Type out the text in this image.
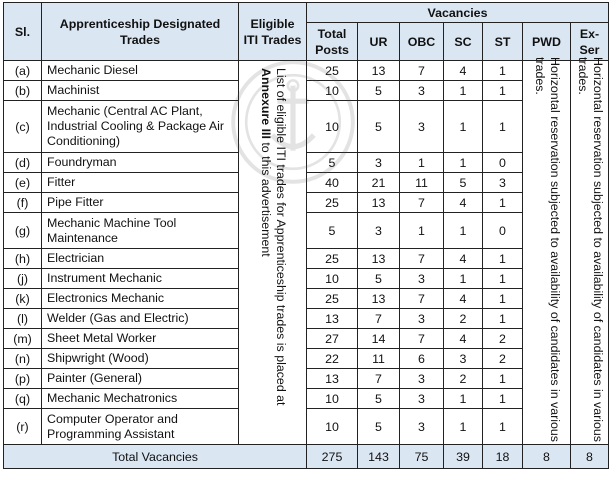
Sl.	Apprenticeship Designated Trades	Eligible ITI Trades	Vacancies						
			Total Posts	UR	OBC	SC	ST	PWD	Ex-Ser
(a)	Mechanic Diesel	List of eligible ITI trades for Apprenticeship trades is placed at Annexure III to this advertisement	25	13	7	4	1	Horizontal reservation subjected to availability of candidates in various trades.	Horizontal reservation subjected to availability of candidates in various trades.

(b)	Machinist		10	5	3	1	1		
(c)	Mechanic (Central AC Plant, Industrial Cooling & Package Air Conditioning)		10	5	3	1	1		
(d)	Foundryman		5	3	1	1	0		
(e)	Fitter		40	21	11	5	3		
(f)	Pipe Fitter		25	13	7	4	1		
(g)	Mechanic Machine Tool Maintenance		5	3	1	1	0		
(h)	Electrician		25	13	7	4	1		
(j)	Instrument Mechanic		10	5	3	1	1		
(k)	Electronics Mechanic		25	13	7	4	1		
(l)	Welder (Gas and Electric)		13	7	3	2	1		
(m)	Sheet Metal Worker		27	14	7	4	2		
(n)	Shipwright (Wood)		22	11	6	3	2		
(p)	Painter (General)		13	7	3	2	1		
(q)	Mechanic Mechatronics		10	5	3	1	1		
(r)	Computer Operator and Programming Assistant		10	5	3	1	1		
Total Vacancies			275	143	75	39	18	8	8
